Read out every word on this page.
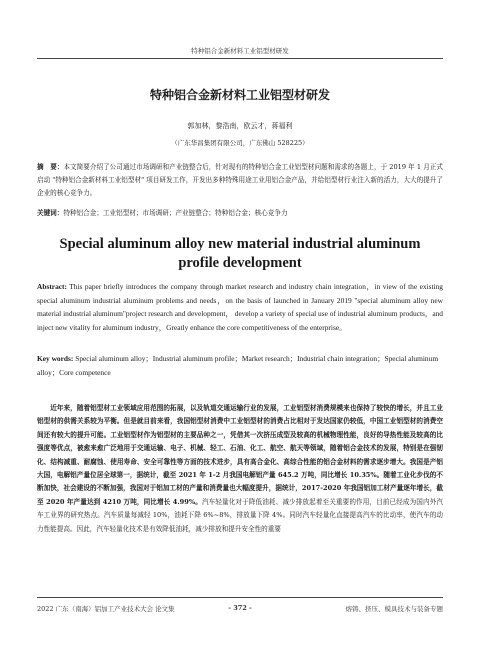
特种铝合金新材料工业铝型材研发
特种铝合金新材料工业铝型材研发
郭加林，黎浩南，欧云才，蒋福利
（广东华昌集团有限公司，广东佛山 528225）
摘　要：本文简要介绍了公司通过市场调研和产业链整合后，针对现有的特种铝合金工业铝型材问题和需求的各题上，于 2019 年 1 月正式启动 "特种铝合金新材料工业铝型材" 项目研发工作，开发出多种特殊用途工业用铝合金产品，并给铝型材行业注入新的活力，大大的提升了企业的核心竞争力。
关键词：特种铝合金；工业铝型材；市场调研；产业链整合；特种铝合金；核心竞争力
Special aluminum alloy new material industrial aluminum profile development
Abstract: This paper briefly introduces the company through market research and industry chain integration，in view of the existing special aluminum industrial aluminum problems and needs，on the basis of launched in January 2019 "special aluminum alloy new material industrial aluminum"project research and development， develop a variety of special use of industrial aluminum products，and inject new vitality for aluminum industry，Greatly enhance the core competitiveness of the enterprise。
Key words: Special aluminum alloy；Industrial aluminum profile；Market research；Industrial chain integration；Special aluminum alloy；Core competence
近年来，随着铝型材工业领域应用范围的拓展，以及轨道交通运输行业的发展，工业铝型材消费规模来也保持了较快的增长，并且工业铝型材的供需关系较为平衡。但是就目前来看，我国铝型材消费中工业铝型材的消费占比相对于发达国家仍较低，中国工业铝型材的消费空间还有较大的提升可能。工业铝型材作为铝型材的主要品种之一，凭借其一次挤压成型及较高的机械物理性能，良好的导热性能及较高的比强度等优点，被愈来愈广泛地用于交通运输、电子、机械、轻工、石油、化工、航空、航天等领域，随着铝合金技术的发展，特别是在强韧化、结构减重、耐腐蚀、使用寿命、安全可靠性等方面的技术进步，具有高合金化、高综合性能的铝合金材料的需求逐步增大。我国是产铝大国，电解铝产量位居全球第一，据统计，截至 2021 年 1-2 月我国电解铝产量 645.2 万吨，同比增长 10.35%。随着工业化步伐的不断加快，社会建设的不断加强，我国对于铝加工材的产量和消费量也大幅度提升，据统计，2017-2020 年我国铝加工材产量逐年增长，截至 2020 年产量达到 4210 万吨，同比增长 4.99%。汽车轻量化对于降低油耗、减少排放起着至关重要的作用，目前已经成为国内外汽车工业界的研究热点。汽车质量每减轻 10%，油耗下降 6%~8%，排放量下降 4%。同时汽车轻量化直接提高汽车的比动率，使汽车的动力性能提高。因此，汽车轻量化技术是有效降低油耗，减少排放和提升安全性的重要
2022 广东（南海）铝加工产业技术大会 论文集	- 372 -	熔铸、挤压、模具技术与装备专题
